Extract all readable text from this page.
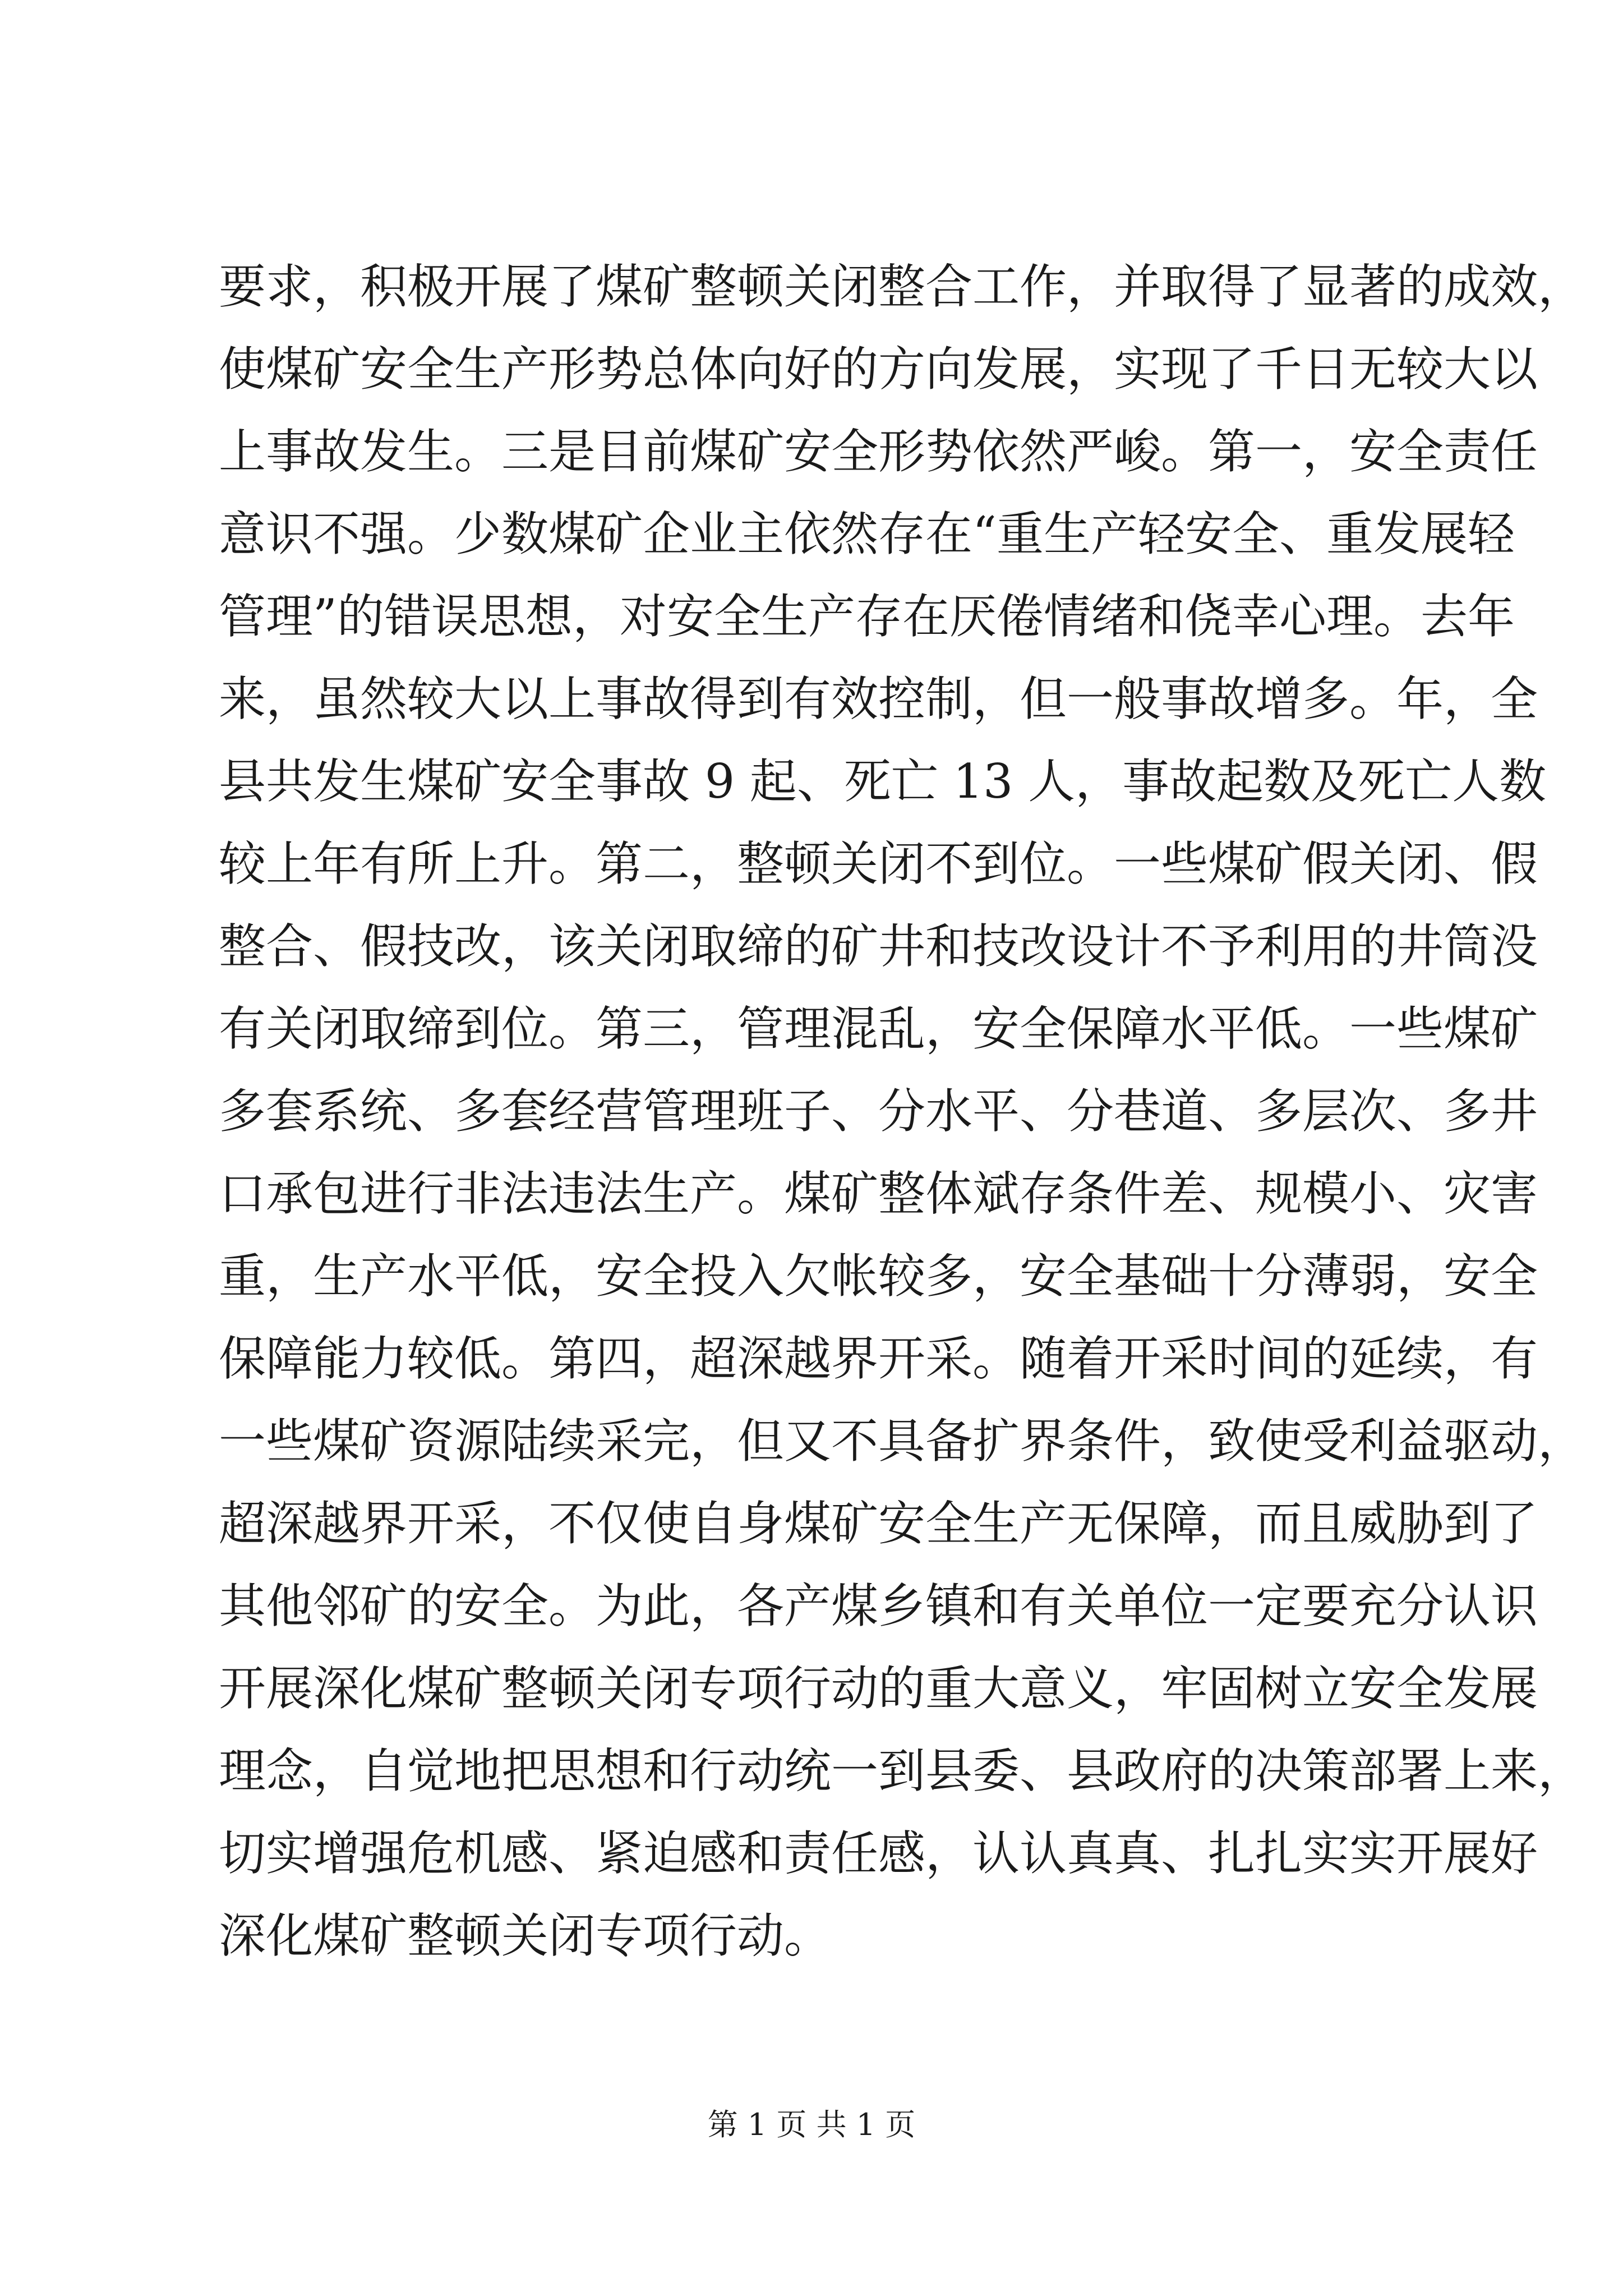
要求，积极开展了煤矿整顿关闭整合工作，并取得了显著的成效，
使煤矿安全生产形势总体向好的方向发展，实现了千日无较大以
上事故发生。三是目前煤矿安全形势依然严峻。第一，安全责任
意识不强。少数煤矿企业主依然存在“重生产轻安全、重发展轻
管理”的错误思想，对安全生产存在厌倦情绪和侥幸心理。去年
来，虽然较大以上事故得到有效控制，但一般事故增多。年，全
县共发生煤矿安全事故 9 起、死亡 13 人，事故起数及死亡人数
较上年有所上升。第二，整顿关闭不到位。一些煤矿假关闭、假
整合、假技改，该关闭取缔的矿井和技改设计不予利用的井筒没
有关闭取缔到位。第三，管理混乱，安全保障水平低。一些煤矿
多套系统、多套经营管理班子、分水平、分巷道、多层次、多井
口承包进行非法违法生产。煤矿整体斌存条件差、规模小、灾害
重，生产水平低，安全投入欠帐较多，安全基础十分薄弱，安全
保障能力较低。第四，超深越界开采。随着开采时间的延续，有
一些煤矿资源陆续采完，但又不具备扩界条件，致使受利益驱动，
超深越界开采，不仅使自身煤矿安全生产无保障，而且威胁到了
其他邻矿的安全。为此，各产煤乡镇和有关单位一定要充分认识
开展深化煤矿整顿关闭专项行动的重大意义，牢固树立安全发展
理念，自觉地把思想和行动统一到县委、县政府的决策部署上来，
切实增强危机感、紧迫感和责任感，认认真真、扎扎实实开展好
深化煤矿整顿关闭专项行动。
第 1 页 共 1 页
